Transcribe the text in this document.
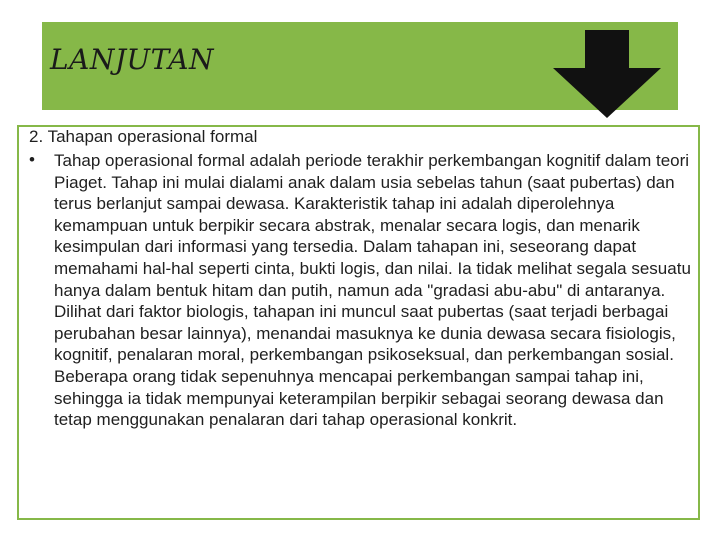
LANJUTAN
2. Tahapan operasional formal
• Tahap operasional formal adalah periode terakhir perkembangan kognitif dalam teori Piaget. Tahap ini mulai dialami anak dalam usia sebelas tahun (saat pubertas) dan terus berlanjut sampai dewasa. Karakteristik tahap ini adalah diperolehnya kemampuan untuk berpikir secara abstrak, menalar secara logis, dan menarik kesimpulan dari informasi yang tersedia. Dalam tahapan ini, seseorang dapat memahami hal-hal seperti cinta, bukti logis, dan nilai. Ia tidak melihat segala sesuatu hanya dalam bentuk hitam dan putih, namun ada "gradasi abu-abu" di antaranya. Dilihat dari faktor biologis, tahapan ini muncul saat pubertas (saat terjadi berbagai perubahan besar lainnya), menandai masuknya ke dunia dewasa secara fisiologis, kognitif, penalaran moral, perkembangan psikoseksual, dan perkembangan sosial. Beberapa orang tidak sepenuhnya mencapai perkembangan sampai tahap ini, sehingga ia tidak mempunyai keterampilan berpikir sebagai seorang dewasa dan tetap menggunakan penalaran dari tahap operasional konkrit.
